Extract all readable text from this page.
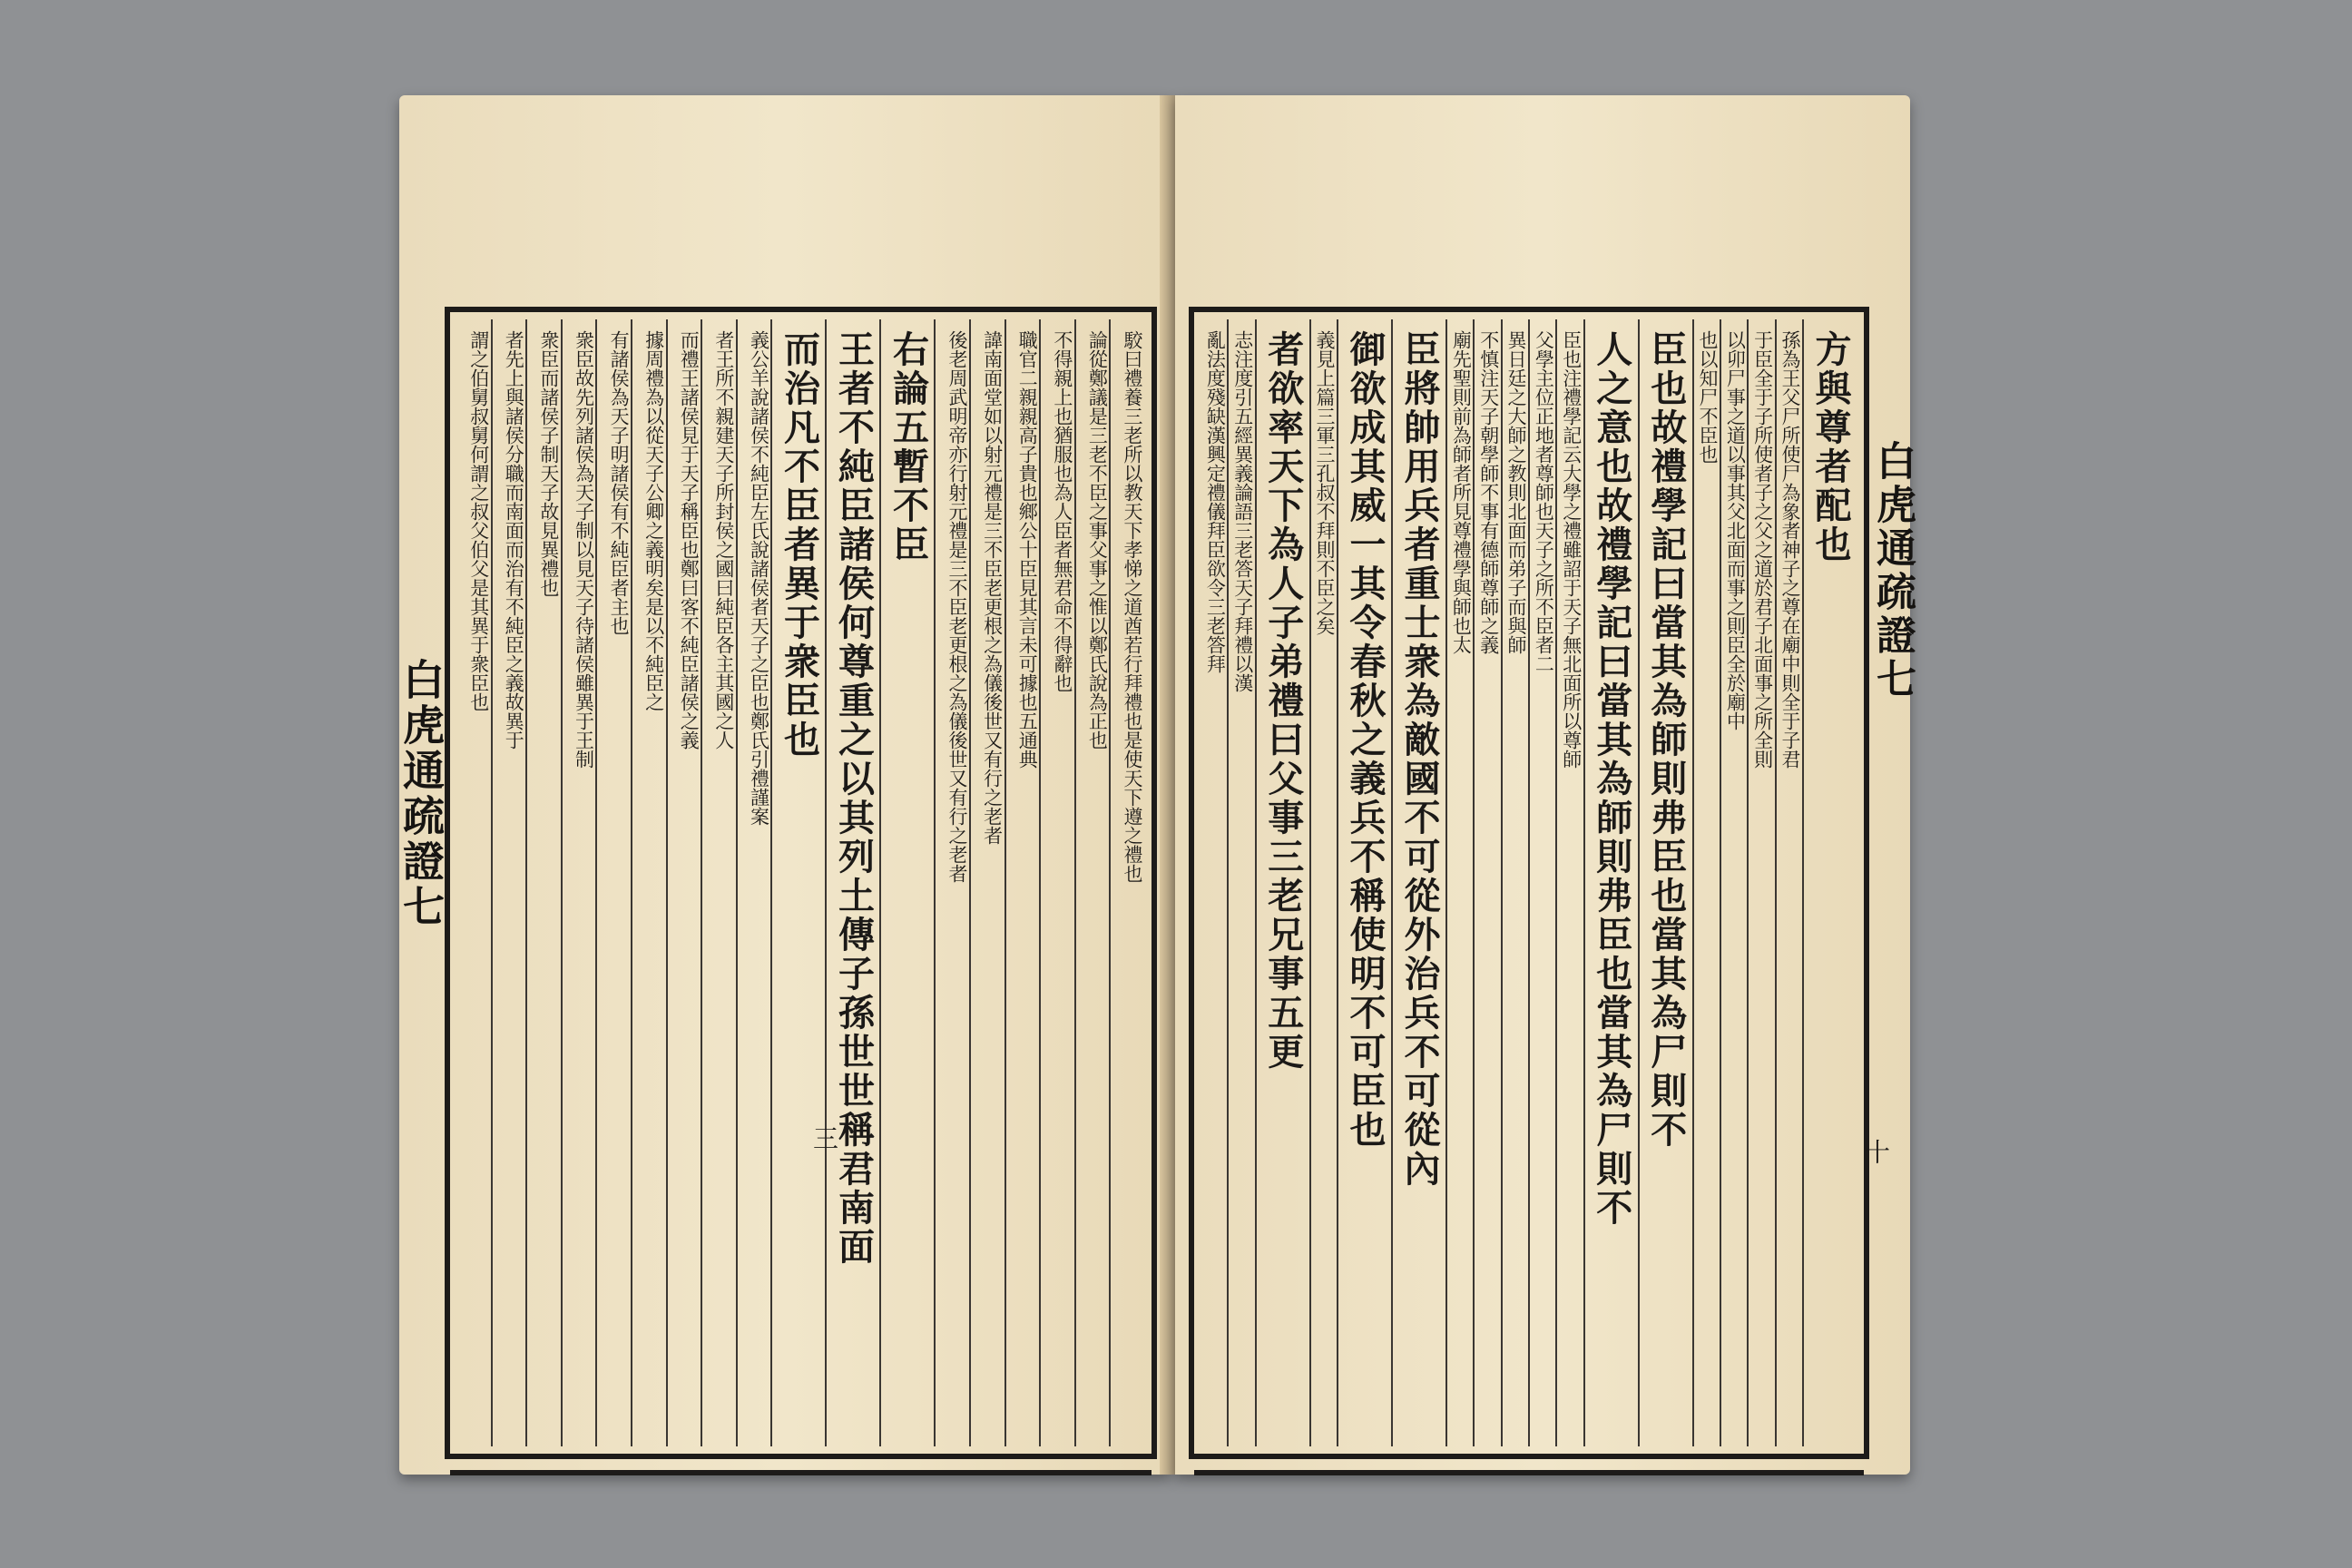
駮曰禮養三老所以教天下孝悌之道酋若行拜禮也是使天下遵之禮也
論從鄭議是三老不臣之事父事之惟以鄭氏說為正也
不得親上也猶服也為人臣者無君命不得辭也
職官二親親高子貴也鄉公十臣見其言未可據也五通典
諱南面堂如以射元禮是三不臣老更根之為儀後世又有行之老者
後老周武明帝亦行射元禮是三不臣老更根之為儀後世又有行之老者
右論五暫不臣
王者不純臣諸侯何尊重之以其列土傳子孫世世稱君南面
而治凡不臣者異于衆臣也
義公羊說諸侯不純臣左氏說諸侯者天子之臣也鄭氏引禮謹案
者王所不親建天子所封侯之國曰純臣各主其國之人
而禮王諸侯見于天子稱臣也鄭曰客不純臣諸侯之義
據周禮為以從天子公卿之義明矣是以不純臣之
有諸侯為天子明諸侯有不純臣者主也
衆臣故先列諸侯為天子制以見天子待諸侯雖異于王制
衆臣而諸侯子制天子故見異禮也
者先上與諸侯分職而南面而治有不純臣之義故異于
謂之伯舅叔舅何謂之叔父伯父是其異于衆臣也
白虎通疏證七
三
方與尊者配也
孫為王父尸所使尸為象者神子之尊在廟中則全于子君
于臣全于子所使者子之父之道於君子北面事之所全則
以卯尸事之道以事其父北面而事之則臣全於廟中
也以知尸不臣也
臣也故禮學記曰當其為師則弗臣也當其為尸則不
人之意也故禮學記曰當其為師則弗臣也當其為尸則不
臣也注禮學記云大學之禮雖詔于天子無北面所以尊師
父學主位正地者尊師也天子之所不臣者二
異日廷之大師之教則北面而弟子而與師
不慎注天子朝學師不事有德師尊師之義
廟先聖則前為師者所見尊禮學與師也太
臣將帥用兵者重士衆為敵國不可從外治兵不可從內
御欲成其威一其令春秋之義兵不稱使明不可臣也
義見上篇三軍三孔叔不拜則不臣之矣
者欲率天下為人子弟禮曰父事三老兄事五更
志注度引五經異義論語三老答天子拜禮以漢
亂法度殘缺漢興定禮儀拜臣欲令三老答拜	白虎通疏證七
十
